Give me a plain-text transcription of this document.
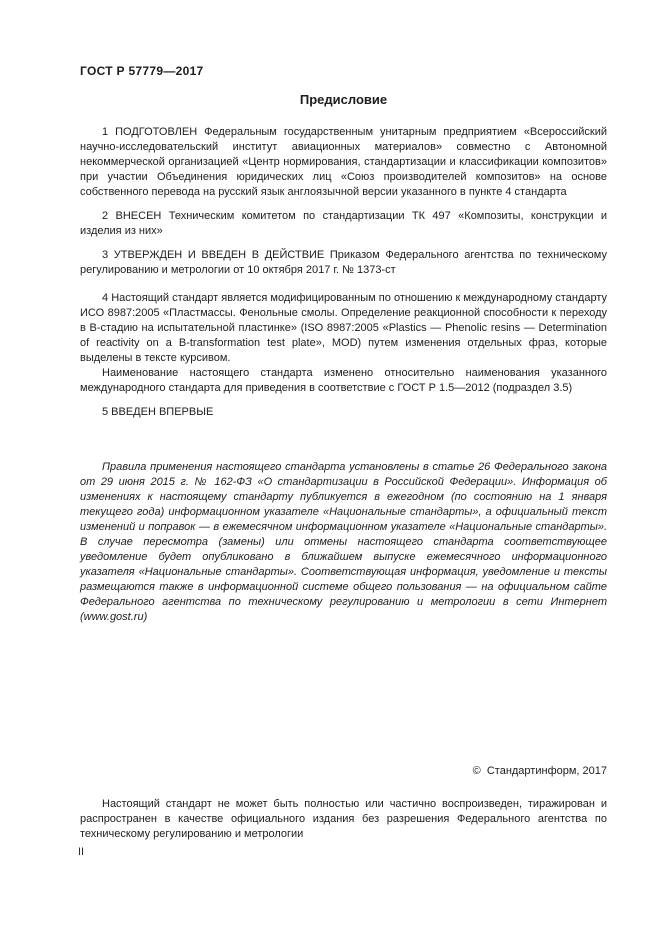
ГОСТ Р 57779—2017
Предисловие

1 ПОДГОТОВЛЕН Федеральным государственным унитарным предприятием «Всероссийский научно-исследовательский институт авиационных материалов» совместно с Автономной некоммерческой организацией «Центр нормирования, стандартизации и классификации композитов» при участии Объединения юридических лиц «Союз производителей композитов» на основе собственного перевода на русский язык англоязычной версии указанного в пункте 4 стандарта

2 ВНЕСЕН Техническим комитетом по стандартизации ТК 497 «Композиты, конструкции и изделия из них»

3 УТВЕРЖДЕН И ВВЕДЕН В ДЕЙСТВИЕ Приказом Федерального агентства по техническому регулированию и метрологии от 10 октября 2017 г. № 1373-ст

4 Настоящий стандарт является модифицированным по отношению к международному стандарту ИСО 8987:2005 «Пластмассы. Фенольные смолы. Определение реакционной способности к переходу в В-стадию на испытательной пластинке» (ISO 8987:2005 «Plastics — Phenolic resins — Determination of reactivity on a B-transformation test plate», MOD) путем изменения отдельных фраз, которые выделены в тексте курсивом.

Наименование настоящего стандарта изменено относительно наименования указанного международного стандарта для приведения в соответствие с ГОСТ Р 1.5—2012 (подраздел 3.5)

5 ВВЕДЕН ВПЕРВЫЕ

Правила применения настоящего стандарта установлены в статье 26 Федерального закона от 29 июня 2015 г. № 162-ФЗ «О стандартизации в Российской Федерации». Информация об изменениях к настоящему стандарту публикуется в ежегодном (по состоянию на 1 января текущего года) информационном указателе «Национальные стандарты», а официальный текст изменений и поправок — в ежемесячном информационном указателе «Национальные стандарты». В случае пересмотра (замены) или отмены настоящего стандарта соответствующее уведомление будет опубликовано в ближайшем выпуске ежемесячного информационного указателя «Национальные стандарты». Соответствующая информация, уведомление и тексты размещаются также в информационной системе общего пользования — на официальном сайте Федерального агентства по техническому регулированию и метрологии в сети Интернет (www.gost.ru)

©  Стандартинформ, 2017

Настоящий стандарт не может быть полностью или частично воспроизведен, тиражирован и распространен в качестве официального издания без разрешения Федерального агентства по техническому регулированию и метрологии

II
